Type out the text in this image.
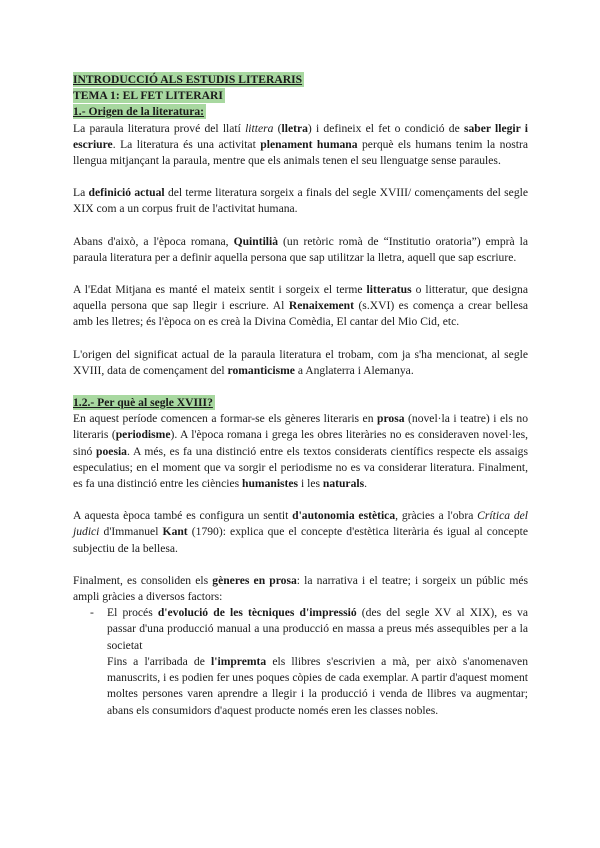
INTRODUCCIÓ ALS ESTUDIS LITERARIS
TEMA 1: EL FET LITERARI
1.- Origen de la literatura:

La paraula literatura prové del llatí littera (lletra) i defineix el fet o condició de saber llegir i escriure. La literatura és una activitat plenament humana perquè els humans tenim la nostra llengua mitjançant la paraula, mentre que els animals tenen el seu llenguatge sense paraules.

La definició actual del terme literatura sorgeix a finals del segle XVIII/ començaments del segle XIX com a un corpus fruit de l'activitat humana.

Abans d'això, a l'època romana, Quintilià (un retòric romà de “Institutio oratoria”) emprà la paraula literatura per a definir aquella persona que sap utilitzar la lletra, aquell que sap escriure.

A l'Edat Mitjana es manté el mateix sentit i sorgeix el terme litteratus o litteratur, que designa aquella persona que sap llegir i escriure. Al Renaixement (s.XVI) es comença a crear bellesa amb les lletres; és l'època on es creà la Divina Comèdia, El cantar del Mio Cid, etc.

L'origen del significat actual de la paraula literatura el trobam, com ja s'ha mencionat, al segle XVIII, data de començament del romanticisme a Anglaterra i Alemanya.

1.2.- Per què al segle XVIII?

En aquest període comencen a formar-se els gèneres literaris en prosa (novel·la i teatre) i els no literaris (periodisme). A l'època romana i grega les obres literàries no es consideraven novel·les, sinó poesia. A més, es fa una distinció entre els textos considerats científics respecte els assaigs especulatius; en el moment que va sorgir el periodisme no es va considerar literatura. Finalment, es fa una distinció entre les ciències humanistes i les naturals.

A aquesta època també es configura un sentit d'autonomia estètica, gràcies a l'obra Crítica del judici d'Immanuel Kant (1790): explica que el concepte d'estètica literària és igual al concepte subjectiu de la bellesa.

Finalment, es consoliden els gèneres en prosa: la narrativa i el teatre; i sorgeix un públic més ampli gràcies a diversos factors:

- El procés d'evolució de les tècniques d'impressió (des del segle XV al XIX), es va passar d'una producció manual a una producció en massa a preus més assequibles per a la societat

Fins a l'arribada de l'impremta els llibres s'escrivien a mà, per això s'anomenaven manuscrits, i es podien fer unes poques còpies de cada exemplar. A partir d'aquest moment moltes persones varen aprendre a llegir i la producció i venda de llibres va augmentar; abans els consumidors d'aquest producte només eren les classes nobles.
